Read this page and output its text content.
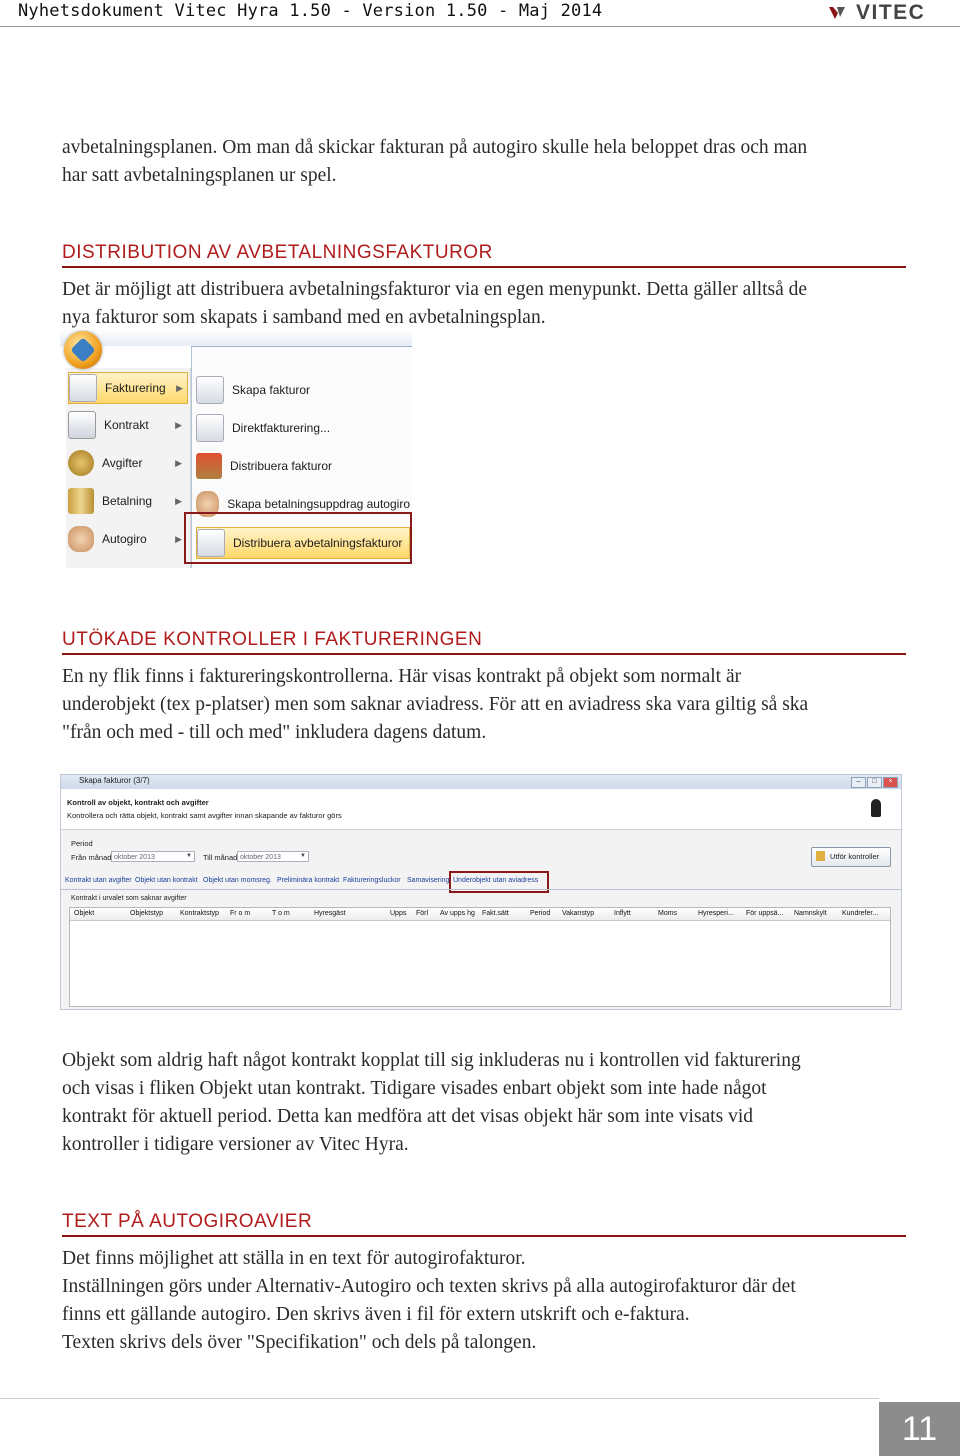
Nyhetsdokument Vitec Hyra 1.50 - Version 1.50 - Maj 2014	VITEC

avbetalningsplanen. Om man då skickar fakturan på autogiro skulle hela beloppet dras och man

har satt avbetalningsplanen ur spel.

DISTRIBUTION AV AVBETALNINGSFAKTUROR

Det är möjligt att distribuera avbetalningsfakturor via en egen menypunkt. Detta gäller alltså de

nya fakturor som skapats i samband med en avbetalningsplan.

Fakturering ▶
Kontrakt	▶
Avgifter	▶
Betalning	▶
Autogiro	▶
Skapa fakturor
Direktfakturering...
Distribuera fakturor
Skapa betalningsuppdrag autogiro
Distribuera avbetalningsfakturor
UTÖKADE KONTROLLER I FAKTURERINGEN

En ny flik finns i faktureringskontrollerna. Här visas kontrakt på objekt som normalt är

underobjekt (tex p-platser) men som saknar aviadress. För att en aviadress ska vara giltig så ska

"från och med - till och med" inkludera dagens datum.

Skapa fakturor (3/7)	–	□	×
Kontroll av objekt, kontrakt och avgifter
Kontrollera och rätta objekt, kontrakt samt avgifter innan skapande av fakturor görs
Period
Från månad oktober 2013	▼ Till månad oktober 2013	▼	Utför kontroller
Kontrakt utan avgifter Objekt utan kontrakt Objekt utan momsreg. Preliminära kontrakt Faktureringsluckor Samaviseringi Underobjekt utan aviadress
Kontrakt i urvalet som saknar avgifter
Objekt	Objektstyp Kontraktstyp Fr o m	T o m	Hyresgäst	Upps Förl Av upps hg Fakt.sätt	Period Vakanstyp	Inflytt	Moms	Hyresperi... För uppsä... Namnskylt Kundrefer...

Objekt som aldrig haft något kontrakt kopplat till sig inkluderas nu i kontrollen vid fakturering

och visas i fliken Objekt utan kontrakt. Tidigare visades enbart objekt som inte hade något

kontrakt för aktuell period. Detta kan medföra att det visas objekt här som inte visats vid

kontroller i tidigare versioner av Vitec Hyra.

TEXT PÅ AUTOGIROAVIER

Det finns möjlighet att ställa in en text för autogirofakturor.

Inställningen görs under Alternativ-Autogiro och texten skrivs på alla autogirofakturor där det

finns ett gällande autogiro. Den skrivs även i fil för extern utskrift och e-faktura.

Texten skrivs dels över "Specifikation" och dels på talongen.

11
